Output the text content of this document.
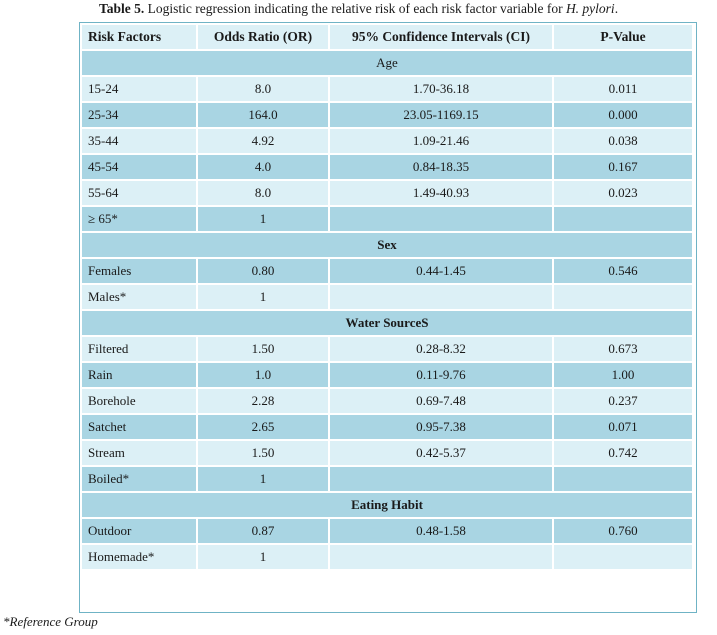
Table 5. Logistic regression indicating the relative risk of each risk factor variable for H. pylori.
Risk Factors	Odds Ratio (OR)	95% Confidence Intervals (CI)	P-Value
Age			
15-24	8.0	1.70-36.18	0.011
25-34	164.0	23.05-1169.15	0.000
35-44	4.92	1.09-21.46	0.038
45-54	4.0	0.84-18.35	0.167
55-64	8.0	1.49-40.93	0.023
≥ 65*	1		
Sex			
Females	0.80	0.44-1.45	0.546
Males*	1		
Water SourceS			
Filtered	1.50	0.28-8.32	0.673
Rain	1.0	0.11-9.76	1.00
Borehole	2.28	0.69-7.48	0.237
Satchet	2.65	0.95-7.38	0.071
Stream	1.50	0.42-5.37	0.742
Boiled*	1		
Eating Habit			
Outdoor	0.87	0.48-1.58	0.760
Homemade*	1		
*Reference Group
